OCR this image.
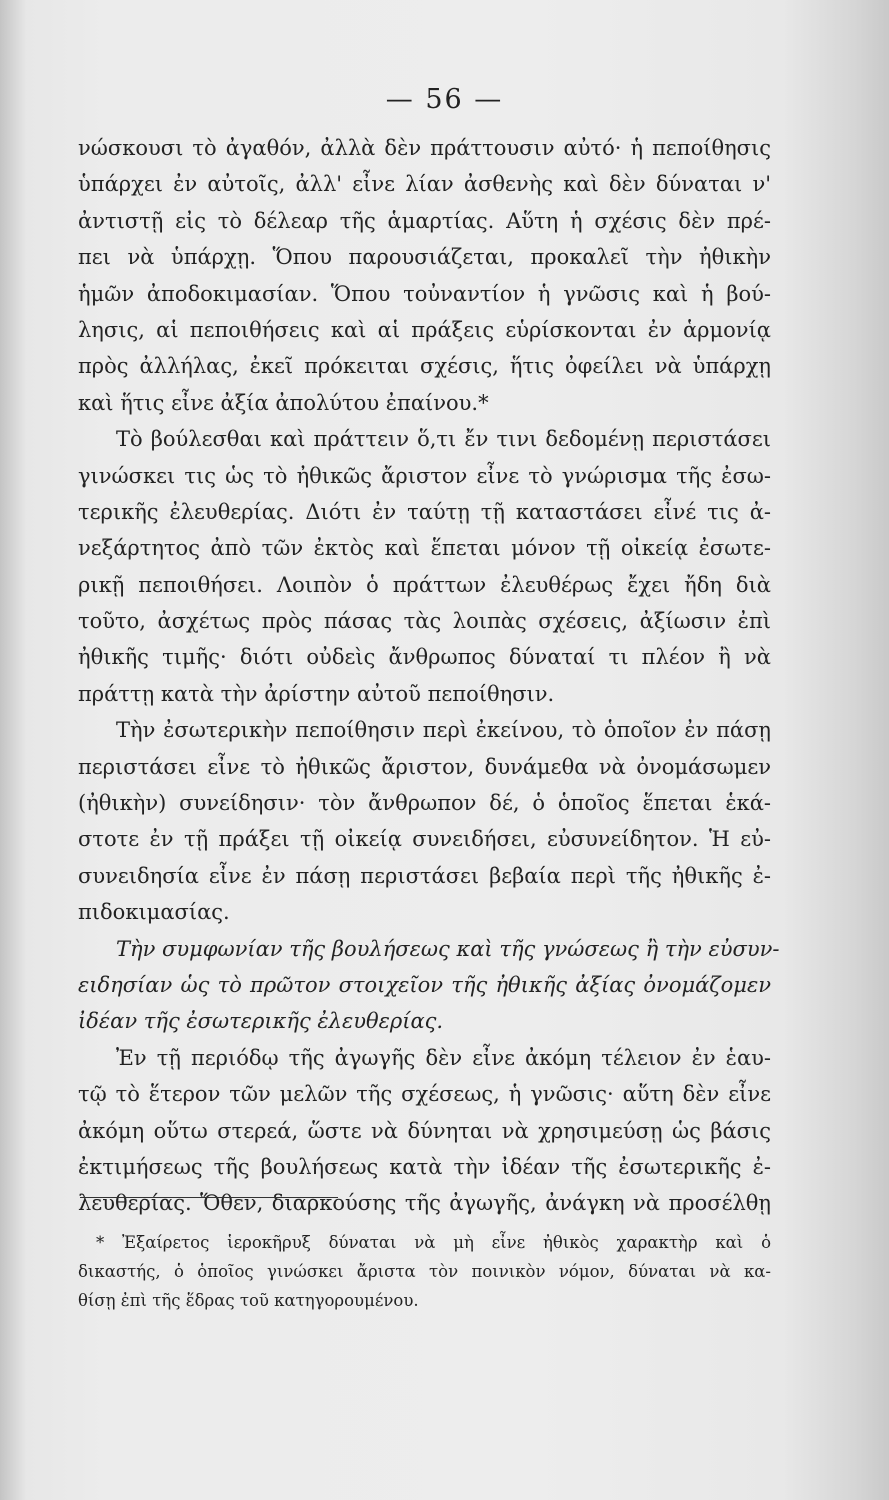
— 56 —
νώσκουσι τὸ ἀγαθόν, ἀλλὰ δὲν πράττουσιν αὐτό· ἡ πεποίθησις
ὑπάρχει ἐν αὐτοῖς, ἀλλ' εἶνε λίαν ἀσθενὴς καὶ δὲν δύναται ν'
ἀντιστῇ εἰς τὸ δέλεαρ τῆς ἁμαρτίας. Αὕτη ἡ σχέσις δὲν πρέ-
πει νὰ ὑπάρχῃ. Ὅπου παρουσιάζεται, προκαλεῖ τὴν ἠθικὴν
ἡμῶν ἀποδοκιμασίαν. Ὅπου τοὐναντίον ἡ γνῶσις καὶ ἡ βού-
λησις, αἱ πεποιθήσεις καὶ αἱ πράξεις εὑρίσκονται ἐν ἁρμονίᾳ
πρὸς ἀλλήλας, ἐκεῖ πρόκειται σχέσις, ἥτις ὀφείλει νὰ ὑπάρχῃ
καὶ ἥτις εἶνε ἀξία ἀπολύτου ἐπαίνου.*
Τὸ βούλεσθαι καὶ πράττειν ὅ,τι ἔν τινι δεδομένῃ περιστάσει
γινώσκει τις ὡς τὸ ἠθικῶς ἄριστον εἶνε τὸ γνώρισμα τῆς ἐσω-
τερικῆς ἐλευθερίας. Διότι ἐν ταύτῃ τῇ καταστάσει εἶνέ τις ἀ-
νεξάρτητος ἀπὸ τῶν ἐκτὸς καὶ ἕπεται μόνον τῇ οἰκείᾳ ἐσωτε-
ρικῇ πεποιθήσει. Λοιπὸν ὁ πράττων ἐλευθέρως ἔχει ἤδη διὰ
τοῦτο, ἀσχέτως πρὸς πάσας τὰς λοιπὰς σχέσεις, ἀξίωσιν ἐπὶ
ἠθικῆς τιμῆς· διότι οὐδεὶς ἄνθρωπος δύναταί τι πλέον ἢ νὰ
πράττῃ κατὰ τὴν ἀρίστην αὐτοῦ πεποίθησιν.
Τὴν ἐσωτερικὴν πεποίθησιν περὶ ἐκείνου, τὸ ὁποῖον ἐν πάσῃ
περιστάσει εἶνε τὸ ἠθικῶς ἄριστον, δυνάμεθα νὰ ὀνομάσωμεν
(ἠθικὴν) συνείδησιν· τὸν ἄνθρωπον δέ, ὁ ὁποῖος ἕπεται ἑκά-
στοτε ἐν τῇ πράξει τῇ οἰκείᾳ συνειδήσει, εὐσυνείδητον. Ἡ εὐ-
συνειδησία εἶνε ἐν πάσῃ περιστάσει βεβαία περὶ τῆς ἠθικῆς ἐ-
πιδοκιμασίας.
Τὴν συμφωνίαν τῆς βουλήσεως καὶ τῆς γνώσεως ἢ τὴν εὐσυν-
ειδησίαν ὡς τὸ πρῶτον στοιχεῖον τῆς ἠθικῆς ἀξίας ὀνομάζομεν
ἰδέαν τῆς ἐσωτερικῆς ἐλευθερίας.
Ἐν τῇ περιόδῳ τῆς ἀγωγῆς δὲν εἶνε ἀκόμη τέλειον ἐν ἑαυ-
τῷ τὸ ἕτερον τῶν μελῶν τῆς σχέσεως, ἡ γνῶσις· αὕτη δὲν εἶνε
ἀκόμη οὕτω στερεά, ὥστε νὰ δύνηται νὰ χρησιμεύσῃ ὡς βάσις
ἐκτιμήσεως τῆς βουλήσεως κατὰ τὴν ἰδέαν τῆς ἐσωτερικῆς ἐ-
λευθερίας. Ὅθεν, διαρκούσης τῆς ἀγωγῆς, ἀνάγκη νὰ προσέλθῃ
* Ἐξαίρετος ἱεροκῆρυξ δύναται νὰ μὴ εἶνε ἠθικὸς χαρακτὴρ καὶ ὁ
δικαστής, ὁ ὁποῖος γινώσκει ἄριστα τὸν ποινικὸν νόμον, δύναται νὰ κα-
θίσῃ ἐπὶ τῆς ἕδρας τοῦ κατηγορουμένου.
